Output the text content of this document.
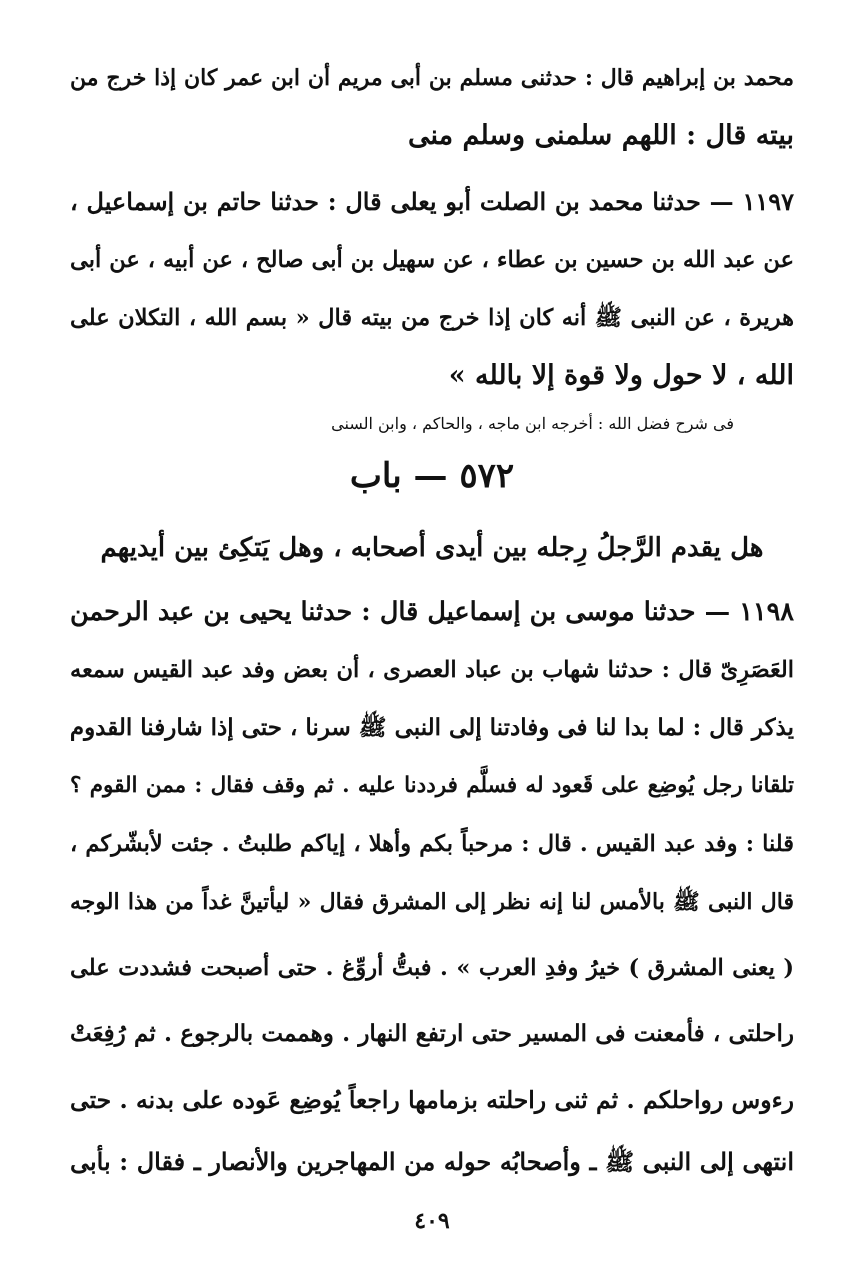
محمد بن إبراهيم قال : حدثنى مسلم بن أبى مريم أن ابن عمر كان إذا خرج من
بيته قال : اللهم سلمنى وسلم منى
١١٩٧ — حدثنا محمد بن الصلت أبو يعلى قال : حدثنا حاتم بن إسماعيل ،
عن عبد الله بن حسين بن عطاء ، عن سهيل بن أبى صالح ، عن أبيه ، عن أبى
هريرة ، عن النبى ﷺ أنه كان إذا خرج من بيته قال « بسم الله ، التكلان على
الله ، لا حول ولا قوة إلا بالله »
فى شرح فضل الله : أخرجه ابن ماجه ، والحاكم ، وابن السنى
٥٧٢ — باب
هل يقدم الرَّجلُ رِجله بين أيدى أصحابه ، وهل يَتكِئ بين أيديهم
١١٩٨ — حدثنا موسى بن إسماعيل قال : حدثنا يحيى بن عبد الرحمن
العَصَرِىّ قال : حدثنا شهاب بن عباد العصرى ، أن بعض وفد عبد القيس سمعه
يذكر قال : لما بدا لنا فى وفادتنا إلى النبى ﷺ سرنا ، حتى إذا شارفنا القدوم
تلقانا رجل يُوضِع على قَعود له فسلَّم فرددنا عليه . ثم وقف فقال : ممن القوم ؟
قلنا : وفد عبد القيس . قال : مرحباً بكم وأهلا ، إياكم طلبتُ . جئت لأبشّركم ،
قال النبى ﷺ بالأمس لنا إنه نظر إلى المشرق فقال « ليأتينَّ غداً من هذا الوجه
( يعنى المشرق ) خيرُ وفدِ العرب » . فبتُّ أروِّغ . حتى أصبحت فشددت على
راحلتى ، فأمعنت فى المسير حتى ارتفع النهار . وهممت بالرجوع . ثم رُفِعَتْ
رءوس رواحلكم . ثم ثنى راحلته بزمامها راجعاً يُوضِع عَوده على بدنه . حتى
انتهى إلى النبى ﷺ ـ وأصحابُه حوله من المهاجرين والأنصار ـ فقال : بأبى
٤٠٩
